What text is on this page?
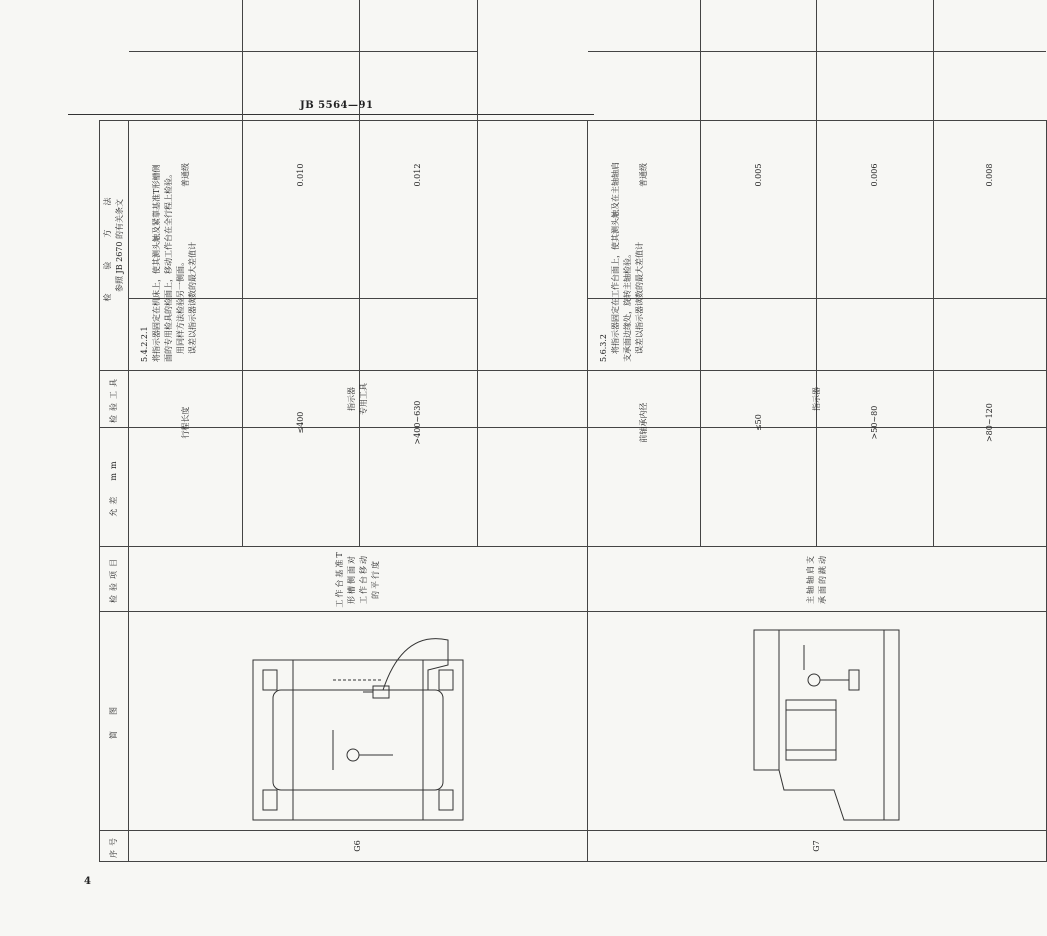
JB 5564—91
序号	简　图	检验项目	允差　mm	检验工具	
检　验　方　法 参照 JB 2670 的有关条文

G6	
	工作台基准T形槽侧面对工作台移动的平行度	
行程长度	普通级	

≤400	0.010	
>400~630	0.012	

	指示器
专用工具	
5.4.2.2.1 将指示器固定在机床上，使其测头触及紧靠基准T形槽侧 面的专用检具的检面上，移动工作台在全行程上检验。 　用同样方法检验另一侧面。 　误差以指示器读数的最大差值计

G7	
	主轴轴肩支承面的跳动	
前轴承内径	普通级	
≤50	0.005	
>50~80	0.006	
>80~120	0.008	
	指示器	
5.6.3.2 　将指示器固定在工作台面上，使其测头触及在主轴轴肩 支承面边缘处，旋转主轴检验。 　误差以指示器读数的最大差值计
4
